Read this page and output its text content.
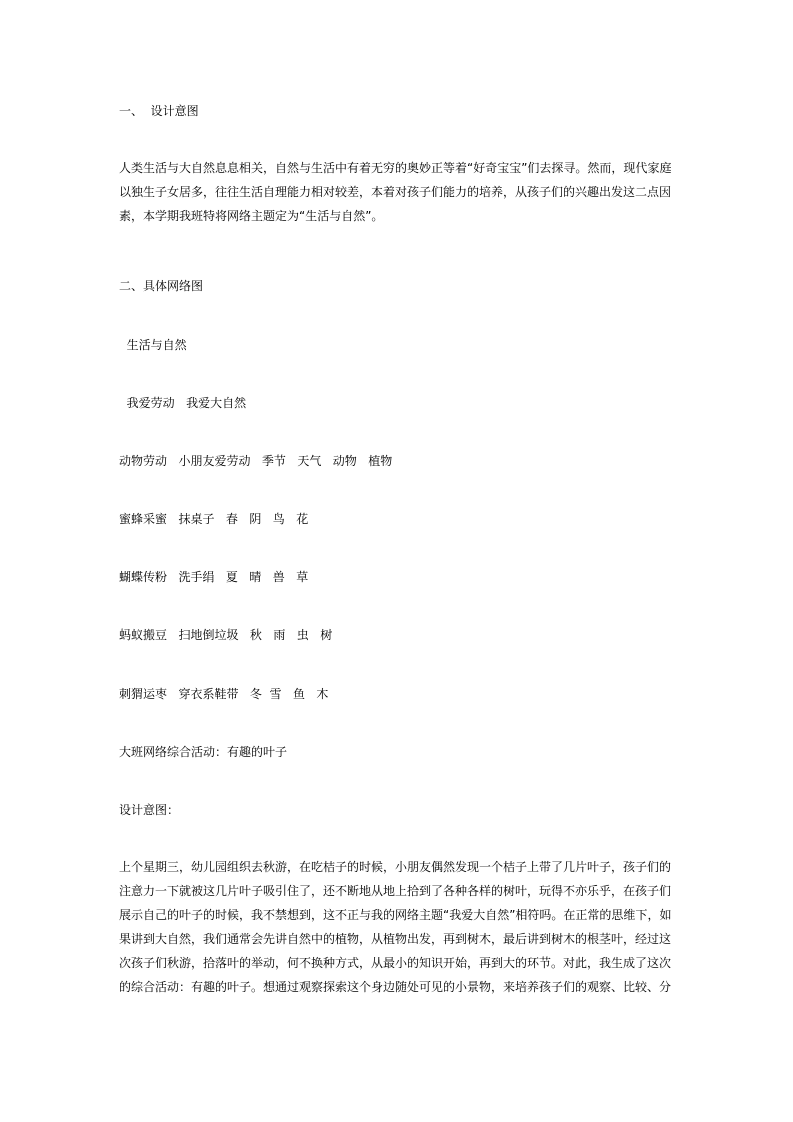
一、  设计意图

人类生活与大自然息息相关，自然与生活中有着无穷的奥妙正等着“好奇宝宝”们去探寻。然而，现代家庭
以独生子女居多，往往生活自理能力相对较差，本着对孩子们能力的培养，从孩子们的兴趣出发这二点因
素，本学期我班特将网络主题定为“生活与自然”。

二、具体网络图

生活与自然

我爱劳动   我爱大自然

动物劳动   小朋友爱劳动   季节   天气   动物   植物

蜜蜂采蜜   抹桌子   春   阴   鸟   花

蝴蝶传粉   洗手绢   夏   晴   兽   草

蚂蚁搬豆   扫地倒垃圾   秋   雨   虫   树

刺猬运枣   穿衣系鞋带   冬  雪   鱼   木

大班网络综合活动：有趣的叶子

设计意图：

上个星期三，幼儿园组织去秋游，在吃桔子的时候，小朋友偶然发现一个桔子上带了几片叶子，孩子们的
注意力一下就被这几片叶子吸引住了，还不断地从地上拾到了各种各样的树叶，玩得不亦乐乎，在孩子们
展示自己的叶子的时候，我不禁想到，这不正与我的网络主题“我爱大自然”相符吗。在正常的思维下，如
果讲到大自然，我们通常会先讲自然中的植物，从植物出发，再到树木，最后讲到树木的根茎叶，经过这
次孩子们秋游，拾落叶的举动，何不换种方式，从最小的知识开始，再到大的环节。对此，我生成了这次
的综合活动：有趣的叶子。想通过观察探索这个身边随处可见的小景物，来培养孩子们的观察、比较、分
